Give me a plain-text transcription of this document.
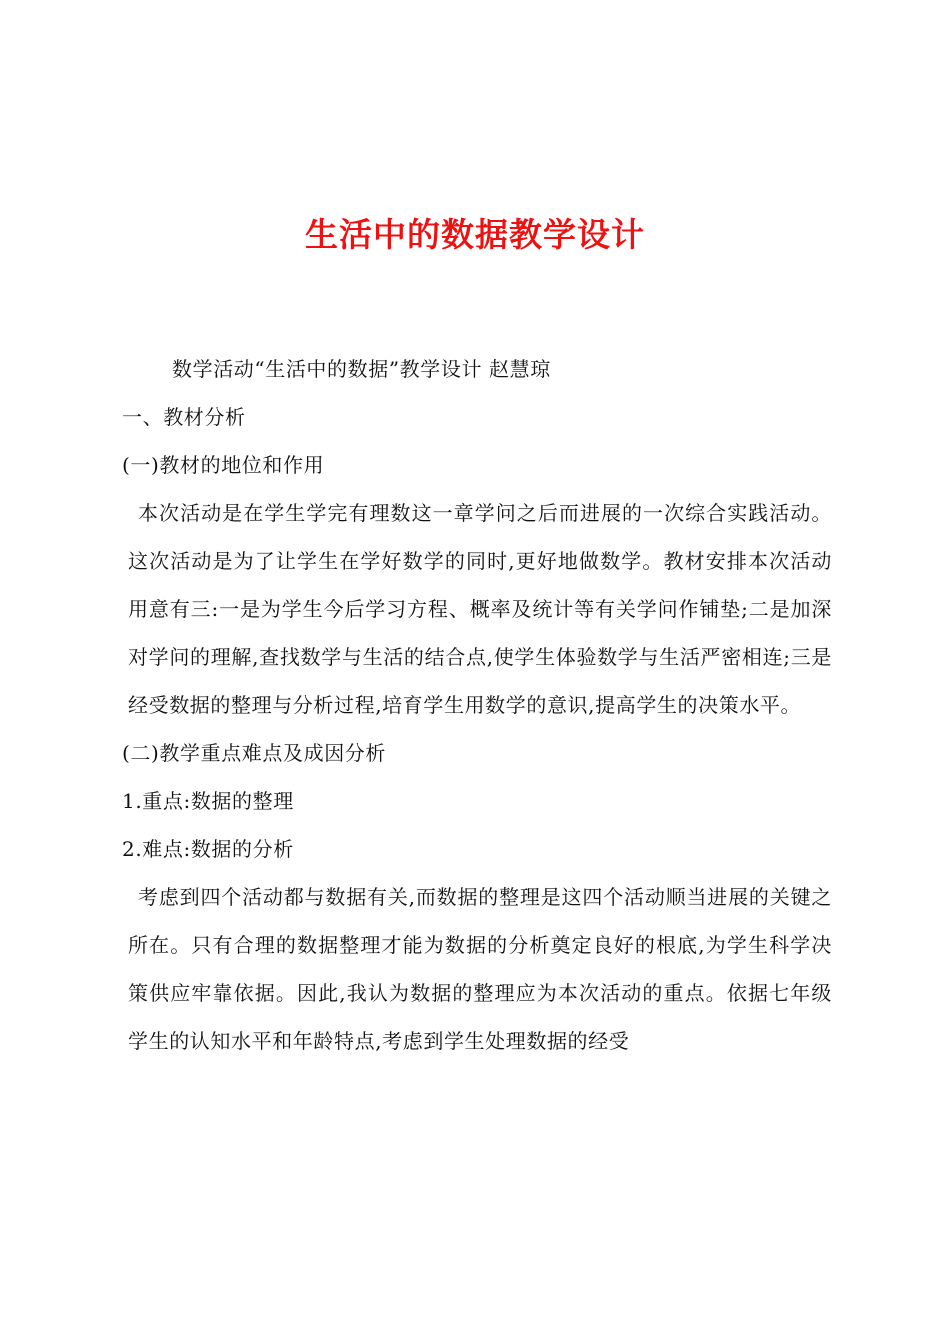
生活中的数据教学设计

数学活动“生活中的数据”教学设计 赵慧琼

一、教材分析

(一)教材的地位和作用

本次活动是在学生学完有理数这一章学问之后而进展的一次综合实践活动。这次活动是为了让学生在学好数学的同时,更好地做数学。教材安排本次活动用意有三:一是为学生今后学习方程、概率及统计等有关学问作铺垫;二是加深对学问的理解,查找数学与生活的结合点,使学生体验数学与生活严密相连;三是经受数据的整理与分析过程,培育学生用数学的意识,提高学生的决策水平。

(二)教学重点难点及成因分析

1.重点:数据的整理

2.难点:数据的分析

考虑到四个活动都与数据有关,而数据的整理是这四个活动顺当进展的关键之所在。只有合理的数据整理才能为数据的分析奠定良好的根底,为学生科学决策供应牢靠依据。因此,我认为数据的整理应为本次活动的重点。依据七年级学生的认知水平和年龄特点,考虑到学生处理数据的经受
